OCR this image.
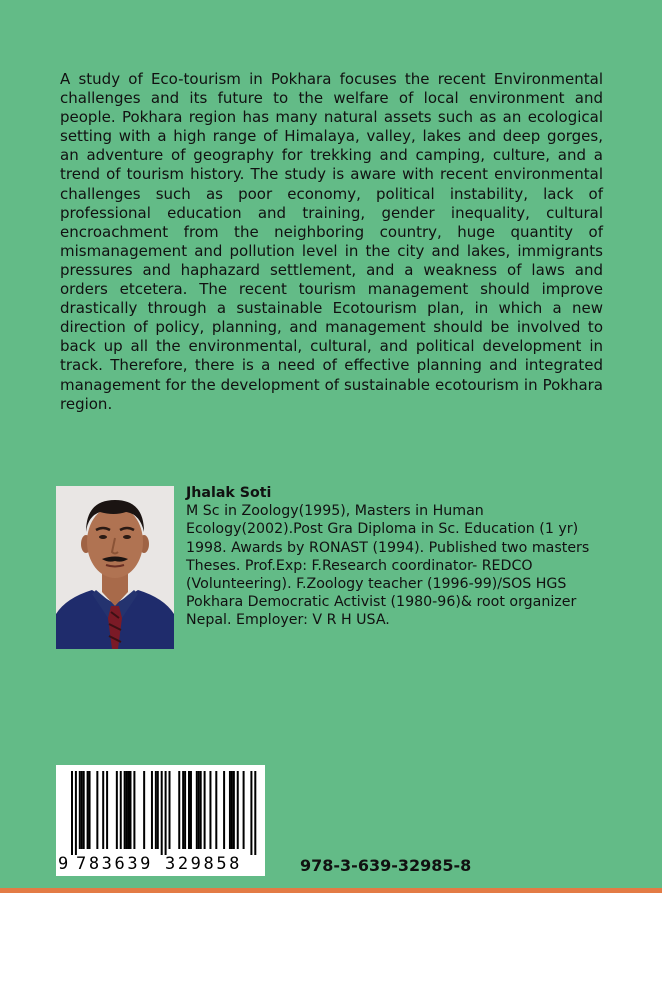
A study of Eco-tourism in Pokhara focuses the recent Environmental challenges and its future to the welfare of local environment and people. Pokhara region has many natural assets such as an ecological setting with a high range of Himalaya, valley, lakes and deep gorges, an adventure of geography for trekking and camping, culture, and a trend of tourism history. The study is aware with recent environmental challenges such as poor economy, political instability, lack of professional education and training, gender inequality, cultural encroachment from the neighboring country, huge quantity of mismanagement and pollution level in the city and lakes, immigrants pressures and haphazard settlement, and a weakness of laws and orders etcetera. The recent tourism management should improve drastically through a sustainable Ecotourism plan, in which a new direction of policy, planning, and management should be involved to back up all the environmental, cultural, and political development in track. Therefore, there is a need of effective planning and integrated management for the development of sustainable ecotourism in Pokhara region.

Jhalak Soti
M Sc in Zoology(1995), Masters in Human Ecology(2002).Post Gra Diploma in Sc. Education (1 yr) 1998. Awards by RONAST (1994). Published two masters Theses. Prof.Exp: F.Research coordinator- REDCO (Volunteering). F.Zoology teacher (1996-99)/SOS HGS Pokhara Democratic Activist (1980-96)& root organizer Nepal. Employer: V R H USA.
9 783639 329858	978-3-639-32985-8
